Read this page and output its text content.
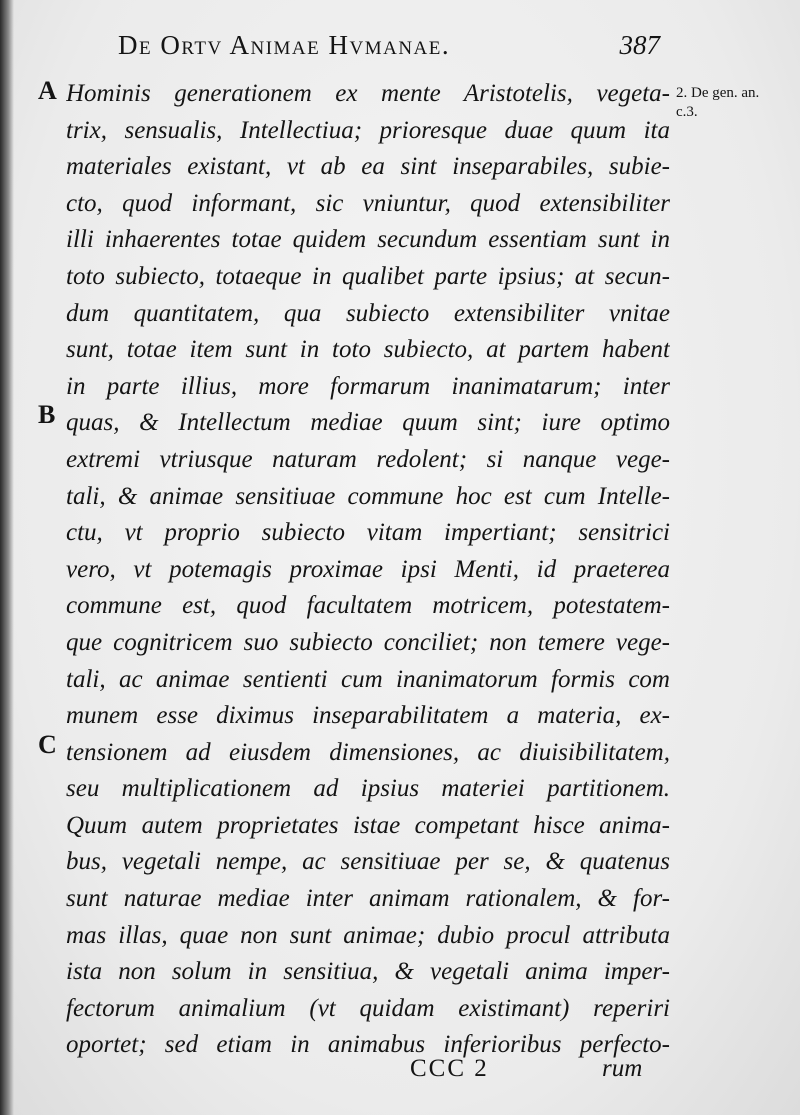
De Ortv Animae Hvmanae.	387
2. De gen. an.
c.3.
A
B
C
Hominis generationem ex mente Aristotelis, vegeta-
trix, sensualis, Intellectiua; prioresque duae quum ita
materiales existant, vt ab ea sint inseparabiles, subie-
cto, quod informant, sic vniuntur, quod extensibiliter
illi inhaerentes totae quidem secundum essentiam sunt in
toto subiecto, totaeque in qualibet parte ipsius; at secun-
dum quantitatem, qua subiecto extensibiliter vnitae
sunt, totae item sunt in toto subiecto, at partem habent
in parte illius, more formarum inanimatarum; inter
quas, & Intellectum mediae quum sint; iure optimo
extremi vtriusque naturam redolent; si nanque vege-
tali, & animae sensitiuae commune hoc est cum Intelle-
ctu, vt proprio subiecto vitam impertiant; sensitrici
vero, vt potemagis proximae ipsi Menti, id praeterea
commune est, quod facultatem motricem, potestatem-
que cognitricem suo subiecto conciliet; non temere vege-
tali, ac animae sentienti cum inanimatorum formis com
munem esse diximus inseparabilitatem a materia, ex-
tensionem ad eiusdem dimensiones, ac diuisibilitatem,
seu multiplicationem ad ipsius materiei partitionem.
Quum autem proprietates istae competant hisce anima-
bus, vegetali nempe, ac sensitiuae per se, & quatenus
sunt naturae mediae inter animam rationalem, & for-
mas illas, quae non sunt animae; dubio procul attributa
ista non solum in sensitiua, & vegetali anima imper-
fectorum animalium (vt quidam existimant) reperiri
oportet; sed etiam in animabus inferioribus perfecto-
CCC 2	rum
